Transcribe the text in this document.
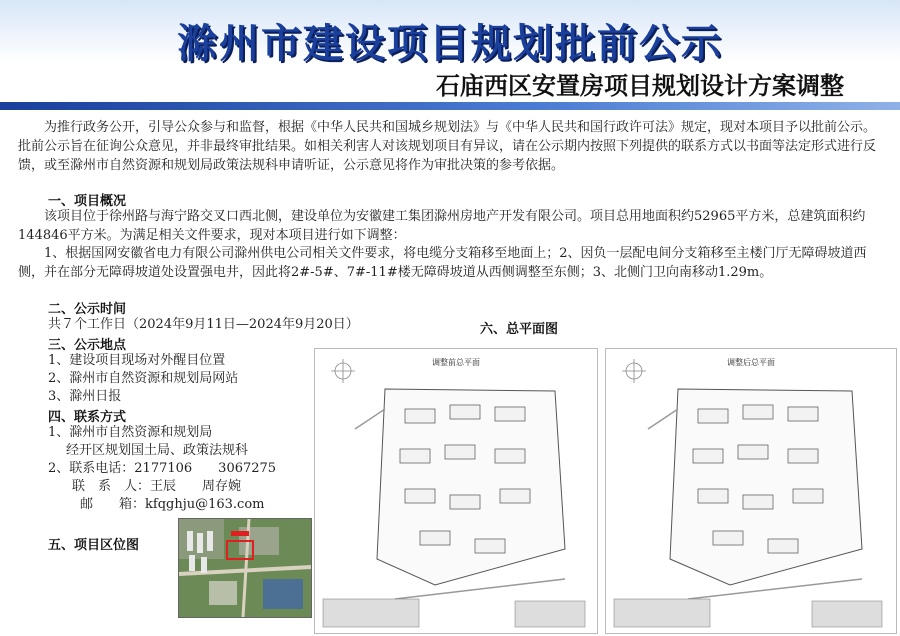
滁州市建设项目规划批前公示
石庙西区安置房项目规划设计方案调整
为推行政务公开，引导公众参与和监督，根据《中华人民共和国城乡规划法》与《中华人民共和国行政许可法》规定，现对本项目予以批前公示。批前公示旨在征询公众意见，并非最终审批结果。如相关利害人对该规划项目有异议，请在公示期内按照下列提供的联系方式以书面等法定形式进行反馈，或至滁州市自然资源和规划局政策法规科申请听证，公示意见将作为审批决策的参考依据。
一、项目概况
该项目位于徐州路与海宁路交叉口西北侧，建设单位为安徽建工集团滁州房地产开发有限公司。项目总用地面积约52965平方米，总建筑面积约144846平方米。为满足相关文件要求，现对本项目进行如下调整：
1、根据国网安徽省电力有限公司滁州供电公司相关文件要求，将电缆分支箱移至地面上；2、因负一层配电间分支箱移至主楼门厅无障碍坡道西侧，并在部分无障碍坡道处设置强电井，因此将2#-5#、7#-11#楼无障碍坡道从西侧调整至东侧；3、北侧门卫向南移动1.29m。
二、公示时间
共７个工作日（2024年9月11日—2024年9月20日）	六、总平面图
三、公示地点
1、建设项目现场对外醒目位置
2、滁州市自然资源和规划局网站
3、滁州日报
四、联系方式
1、滁州市自然资源和规划局
经开区规划国土局、政策法规科
2、联系电话：2177106　　3067275
联　系　人：王辰　　周存婉
邮　　箱：kfqghju@163.com
五、项目区位图
调整前总平面	调整后总平面
